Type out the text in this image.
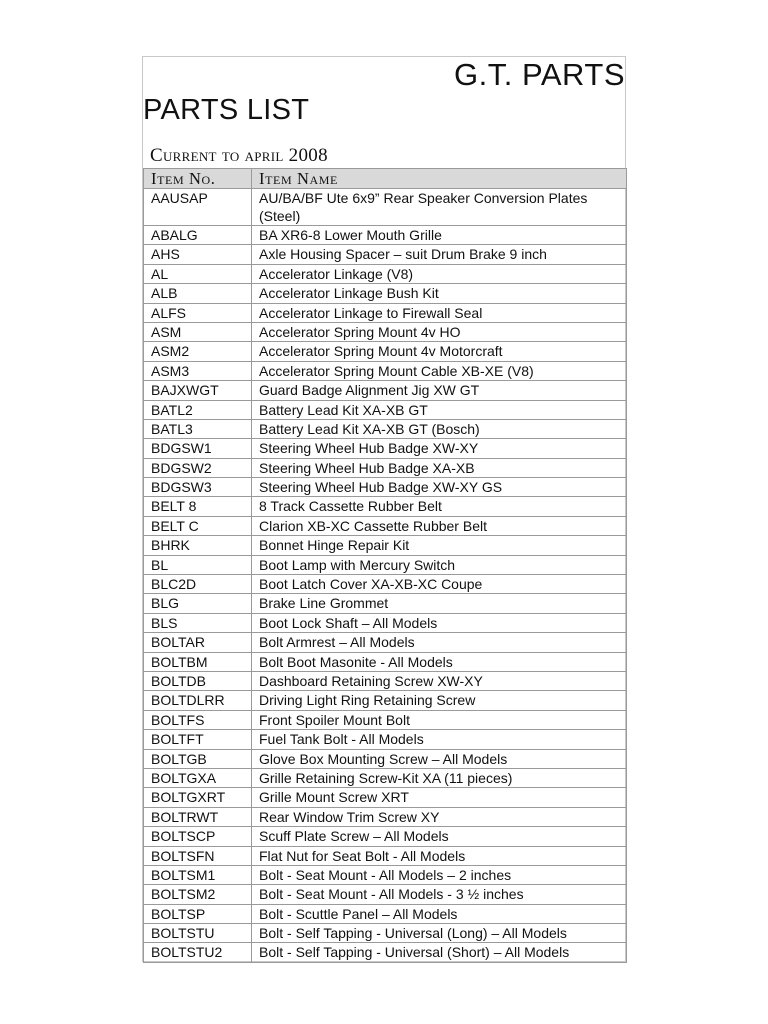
G.T. PARTS
PARTS LIST
Current to april 2008
Item No.	Item Name
AAUSAP	AU/BA/BF Ute 6x9” Rear Speaker Conversion Plates (Steel)
ABALG	BA XR6-8 Lower Mouth Grille
AHS	Axle Housing Spacer – suit Drum Brake 9 inch
AL	Accelerator Linkage (V8)
ALB	Accelerator Linkage Bush Kit
ALFS	Accelerator Linkage to Firewall Seal
ASM	Accelerator Spring Mount 4v HO
ASM2	Accelerator Spring Mount 4v Motorcraft
ASM3	Accelerator Spring Mount Cable XB-XE (V8)
BAJXWGT	Guard Badge Alignment Jig XW GT
BATL2	Battery Lead Kit XA-XB GT
BATL3	Battery Lead Kit XA-XB GT (Bosch)
BDGSW1	Steering Wheel Hub Badge XW-XY
BDGSW2	Steering Wheel Hub Badge XA-XB
BDGSW3	Steering Wheel Hub Badge XW-XY GS
BELT 8	8 Track Cassette Rubber Belt
BELT C	Clarion XB-XC Cassette Rubber Belt
BHRK	Bonnet Hinge Repair Kit
BL	Boot Lamp with Mercury Switch
BLC2D	Boot Latch Cover XA-XB-XC Coupe
BLG	Brake Line Grommet
BLS	Boot Lock Shaft – All Models
BOLTAR	Bolt Armrest – All Models
BOLTBM	Bolt Boot Masonite - All Models
BOLTDB	Dashboard Retaining Screw XW-XY
BOLTDLRR	Driving Light Ring Retaining Screw
BOLTFS	Front Spoiler Mount Bolt
BOLTFT	Fuel Tank Bolt - All Models
BOLTGB	Glove Box Mounting Screw – All Models
BOLTGXA	Grille Retaining Screw-Kit XA (11 pieces)
BOLTGXRT	Grille Mount Screw XRT
BOLTRWT	Rear Window Trim Screw XY
BOLTSCP	Scuff Plate Screw – All Models
BOLTSFN	Flat Nut for Seat Bolt - All Models
BOLTSM1	Bolt - Seat Mount - All Models – 2 inches
BOLTSM2	Bolt - Seat Mount - All Models - 3 ½ inches
BOLTSP	Bolt - Scuttle Panel – All Models
BOLTSTU	Bolt - Self Tapping - Universal (Long) – All Models
BOLTSTU2	Bolt - Self Tapping - Universal (Short) – All Models
